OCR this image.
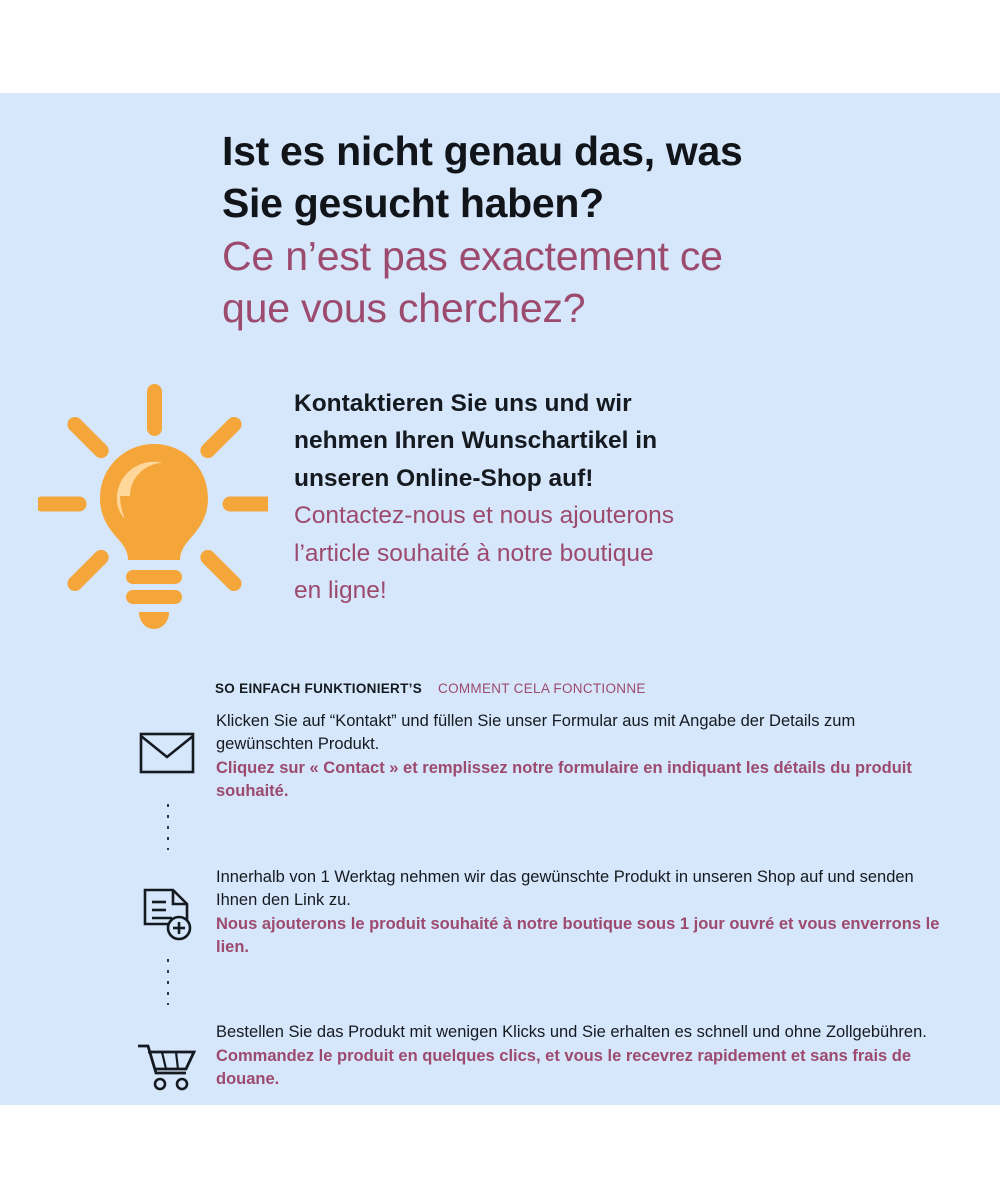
Ist es nicht genau das, was

Sie gesucht haben?

Ce n’est pas exactement ce

que vous cherchez?

Kontaktieren Sie uns und wir

nehmen Ihren Wunschartikel in

unseren Online-Shop auf!

Contactez-nous et nous ajouterons

l’article souhaité à notre boutique

en ligne!

SO EINFACH FUNKTIONIERT’S COMMENT CELA FONCTIONNE

Klicken Sie auf “Kontakt” und füllen Sie unser Formular aus mit Angabe der Details zum gewünschten Produkt.

Cliquez sur « Contact » et remplissez notre formulaire en indiquant les détails du produit souhaité.

Innerhalb von 1 Werktag nehmen wir das gewünschte Produkt in unseren Shop auf und senden Ihnen den Link zu.

Nous ajouterons le produit souhaité à notre boutique sous 1 jour ouvré et vous enverrons le lien.

Bestellen Sie das Produkt mit wenigen Klicks und Sie erhalten es schnell und ohne Zollgebühren.

Commandez le produit en quelques clics, et vous le recevrez rapidement et sans frais de douane.
